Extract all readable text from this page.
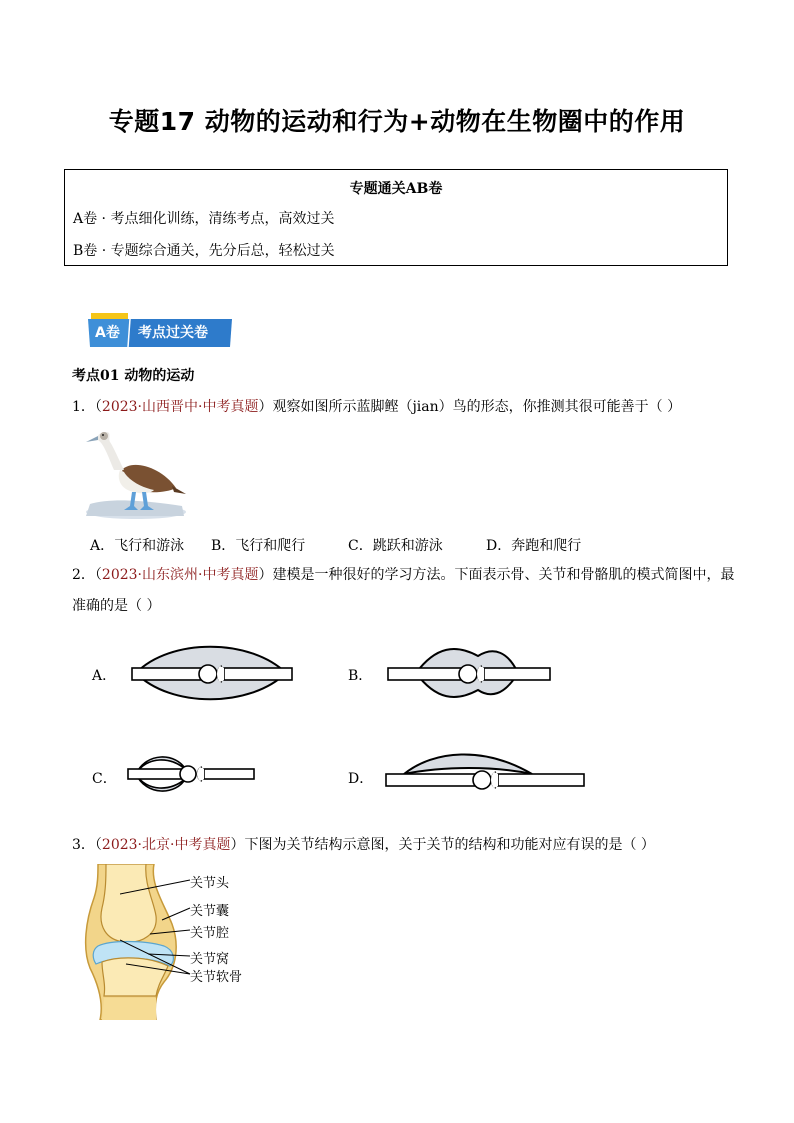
专题17 动物的运动和行为+动物在生物圈中的作用
专题通关AB卷
A卷 · 考点细化训练，清练考点，高效过关
B卷 · 专题综合通关，先分后总，轻松过关
A卷 考点过关卷
考点01 动物的运动
1．（2023·山西晋中·中考真题）观察如图所示蓝脚鲣（jian）鸟的形态，你推测其很可能善于（ ）
A．飞行和游泳 B．飞行和爬行	C．跳跃和游泳	D．奔跑和爬行
2．（2023·山东滨州·中考真题）建模是一种很好的学习方法。下面表示骨、关节和骨骼肌的模式简图中，最
准确的是（ ）
A．	B．
C．	D．
3．（2023·北京·中考真题）下图为关节结构示意图，关于关节的结构和功能对应有误的是（ ）
关节头
关节囊
关节腔
关节窝
关节软骨
